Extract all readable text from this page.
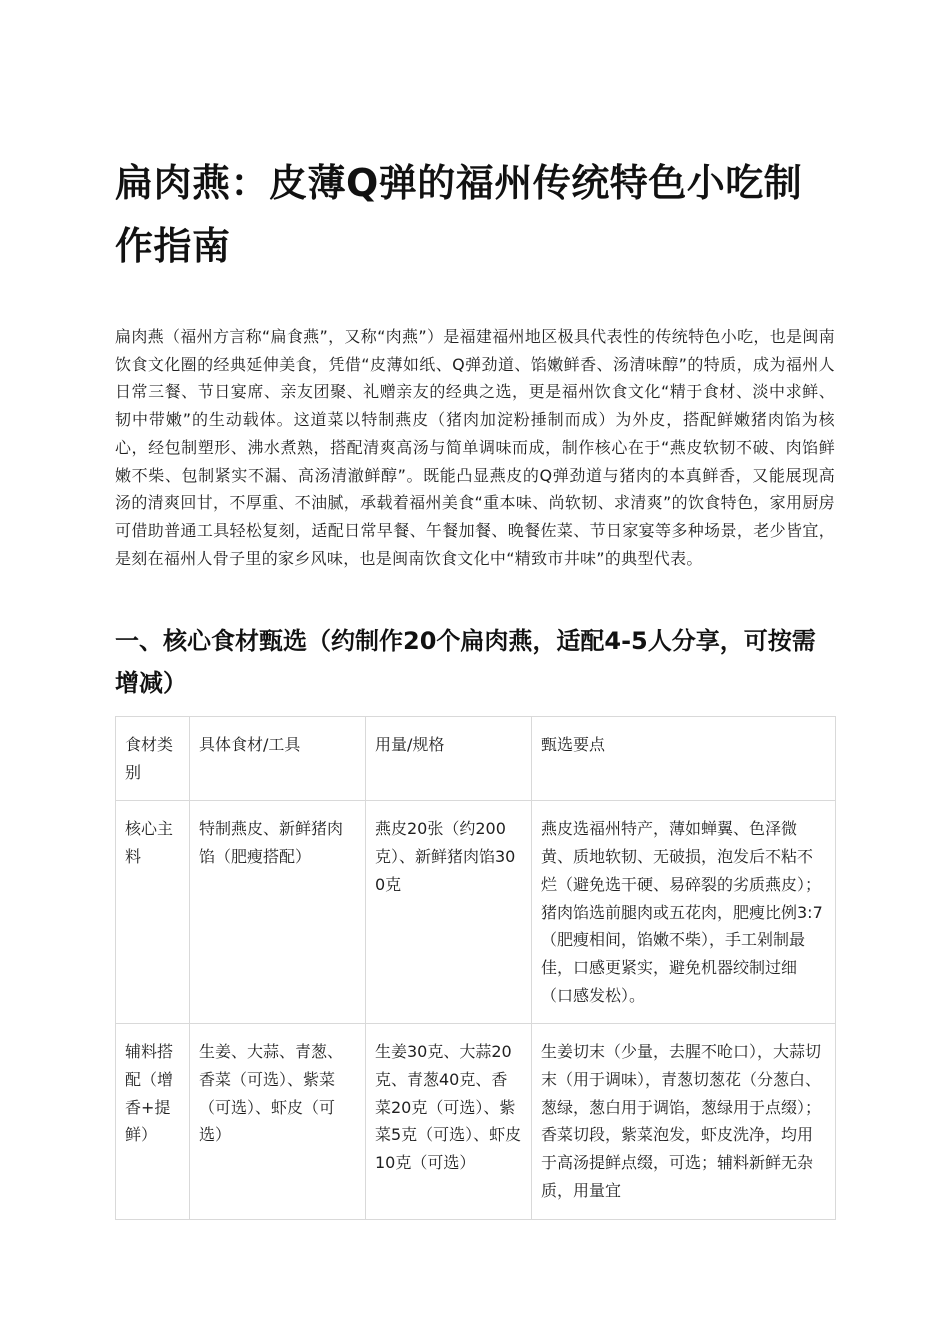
扁肉燕：皮薄Q弹的福州传统特色小吃制作指南

扁肉燕（福州方言称“扁食燕”，又称“肉燕”）是福建福州地区极具代表性的传统特色小吃，也是闽南饮食文化圈的经典延伸美食，凭借“皮薄如纸、Q弹劲道、馅嫩鲜香、汤清味醇”的特质，成为福州人日常三餐、节日宴席、亲友团聚、礼赠亲友的经典之选，更是福州饮食文化“精于食材、淡中求鲜、韧中带嫩”的生动载体。这道菜以特制燕皮（猪肉加淀粉捶制而成）为外皮，搭配鲜嫩猪肉馅为核心，经包制塑形、沸水煮熟，搭配清爽高汤与简单调味而成，制作核心在于“燕皮软韧不破、肉馅鲜嫩不柴、包制紧实不漏、高汤清澈鲜醇”。既能凸显燕皮的Q弹劲道与猪肉的本真鲜香，又能展现高汤的清爽回甘，不厚重、不油腻，承载着福州美食“重本味、尚软韧、求清爽”的饮食特色，家用厨房可借助普通工具轻松复刻，适配日常早餐、午餐加餐、晚餐佐菜、节日家宴等多种场景，老少皆宜，是刻在福州人骨子里的家乡风味，也是闽南饮食文化中“精致市井味”的典型代表。

一、核心食材甄选（约制作20个扁肉燕，适配4-5人分享，可按需增减）
食材类别	具体食材/工具	用量/规格	甄选要点
核心主料	特制燕皮、新鲜猪肉馅（肥瘦搭配）	燕皮20张（约200克）、新鲜猪肉馅300克	燕皮选福州特产，薄如蝉翼、色泽微黄、质地软韧、无破损，泡发后不粘不烂（避免选干硬、易碎裂的劣质燕皮）；猪肉馅选前腿肉或五花肉，肥瘦比例3:7（肥瘦相间，馅嫩不柴），手工剁制最佳，口感更紧实，避免机器绞制过细（口感发松）。
辅料搭配（增香+提鲜）	生姜、大蒜、青葱、香菜（可选）、紫菜（可选）、虾皮（可选）	生姜30克、大蒜20克、青葱40克、香菜20克（可选）、紫菜5克（可选）、虾皮10克（可选）	生姜切末（少量，去腥不呛口），大蒜切末（用于调味），青葱切葱花（分葱白、葱绿，葱白用于调馅，葱绿用于点缀）；香菜切段，紫菜泡发，虾皮洗净，均用于高汤提鲜点缀，可选；辅料新鲜无杂质，用量宜
